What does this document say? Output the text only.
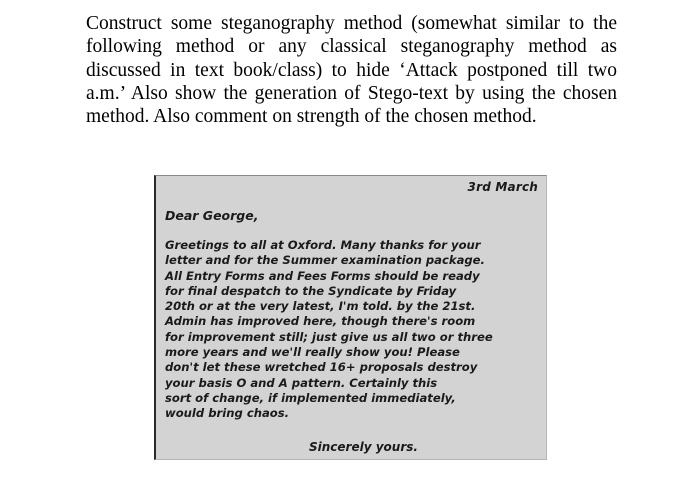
Construct some steganography method (somewhat similar to the following method or any classical steganography method as discussed in text book/class) to hide ‘Attack postponed till two a.m.’ Also show the generation of Stego-text by using the chosen method. Also comment on strength of the chosen method.

3rd March
Dear George,
Greetings to all at Oxford. Many thanks for your
letter and for the Summer examination package.
All Entry Forms and Fees Forms should be ready
for final despatch to the Syndicate by Friday
20th or at the very latest, I'm told. by the 21st.
Admin has improved here, though there's room
for improvement still; just give us all two or three
more years and we'll really show you! Please
don't let these wretched 16+ proposals destroy
your basis O and A pattern. Certainly this
sort of change, if implemented immediately,
would bring chaos.
Sincerely yours.
